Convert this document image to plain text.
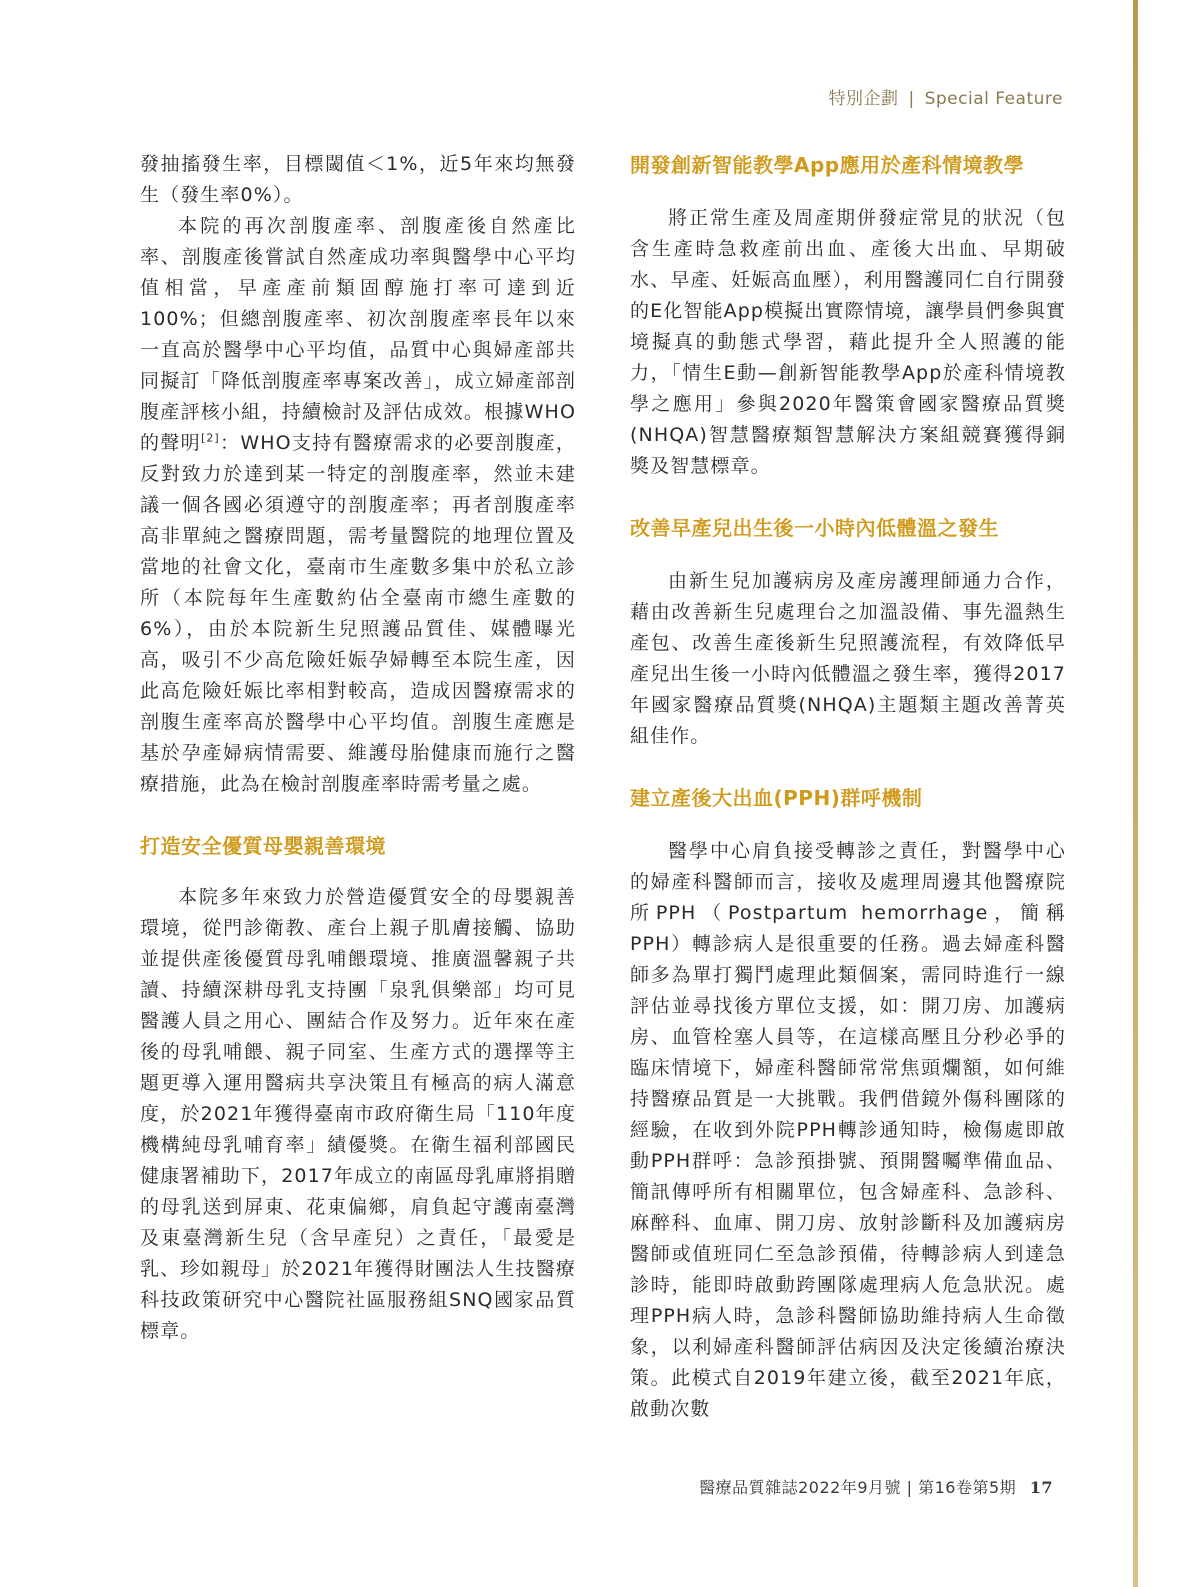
特別企劃 | Special Feature

發抽搐發生率，目標閾值＜1%，近5年來均無發生（發生率0%）。

本院的再次剖腹產率、剖腹產後自然產比率、剖腹產後嘗試自然產成功率與醫學中心平均值相當，早產產前類固醇施打率可達到近100%；但總剖腹產率、初次剖腹產率長年以來一直高於醫學中心平均值，品質中心與婦產部共同擬訂「降低剖腹產率專案改善」，成立婦產部剖腹產評核小組，持續檢討及評估成效。根據WHO的聲明[2]：WHO支持有醫療需求的必要剖腹產，反對致力於達到某一特定的剖腹產率，然並未建議一個各國必須遵守的剖腹產率；再者剖腹產率高非單純之醫療問題，需考量醫院的地理位置及當地的社會文化，臺南市生產數多集中於私立診所（本院每年生產數約佔全臺南市總生產數的6%），由於本院新生兒照護品質佳、媒體曝光高，吸引不少高危險妊娠孕婦轉至本院生產，因此高危險妊娠比率相對較高，造成因醫療需求的剖腹生產率高於醫學中心平均值。剖腹生產應是基於孕產婦病情需要、維護母胎健康而施行之醫療措施，此為在檢討剖腹產率時需考量之處。

打造安全優質母嬰親善環境

本院多年來致力於營造優質安全的母嬰親善環境，從門診衛教、產台上親子肌膚接觸、協助並提供產後優質母乳哺餵環境、推廣溫馨親子共讀、持續深耕母乳支持團「泉乳俱樂部」均可見醫護人員之用心、團結合作及努力。近年來在產後的母乳哺餵、親子同室、生產方式的選擇等主題更導入運用醫病共享決策且有極高的病人滿意度，於2021年獲得臺南市政府衛生局「110年度機構純母乳哺育率」績優獎。在衛生福利部國民健康署補助下，2017年成立的南區母乳庫將捐贈的母乳送到屏東、花東偏鄉，肩負起守護南臺灣及東臺灣新生兒（含早產兒）之責任，「最愛是乳、珍如親母」於2021年獲得財團法人生技醫療科技政策研究中心醫院社區服務組SNQ國家品質標章。

開發創新智能教學App應用於產科情境教學

將正常生產及周產期併發症常見的狀況（包含生產時急救產前出血、產後大出血、早期破水、早產、妊娠高血壓），利用醫護同仁自行開發的E化智能App模擬出實際情境，讓學員們參與實境擬真的動態式學習，藉此提升全人照護的能力，「情生E動—創新智能教學App於產科情境教學之應用」參與2020年醫策會國家醫療品質獎(NHQA)智慧醫療類智慧解決方案組競賽獲得銅獎及智慧標章。

改善早產兒出生後一小時內低體溫之發生

由新生兒加護病房及產房護理師通力合作，藉由改善新生兒處理台之加溫設備、事先溫熱生產包、改善生產後新生兒照護流程，有效降低早產兒出生後一小時內低體溫之發生率，獲得2017年國家醫療品質獎(NHQA)主題類主題改善菁英組佳作。

建立產後大出血(PPH)群呼機制

醫學中心肩負接受轉診之責任，對醫學中心的婦產科醫師而言，接收及處理周邊其他醫療院所PPH（Postpartum hemorrhage，簡稱PPH）轉診病人是很重要的任務。過去婦產科醫師多為單打獨鬥處理此類個案，需同時進行一線評估並尋找後方單位支援，如：開刀房、加護病房、血管栓塞人員等，在這樣高壓且分秒必爭的臨床情境下，婦產科醫師常常焦頭爛額，如何維持醫療品質是一大挑戰。我們借鏡外傷科團隊的經驗，在收到外院PPH轉診通知時，檢傷處即啟動PPH群呼：急診預掛號、預開醫囑準備血品、簡訊傳呼所有相關單位，包含婦產科、急診科、麻醉科、血庫、開刀房、放射診斷科及加護病房醫師或值班同仁至急診預備，待轉診病人到達急診時，能即時啟動跨團隊處理病人危急狀況。處理PPH病人時，急診科醫師協助維持病人生命徵象，以利婦產科醫師評估病因及決定後續治療決策。此模式自2019年建立後，截至2021年底，啟動次數

醫療品質雜誌2022年9月號 | 第16卷第5期 17
